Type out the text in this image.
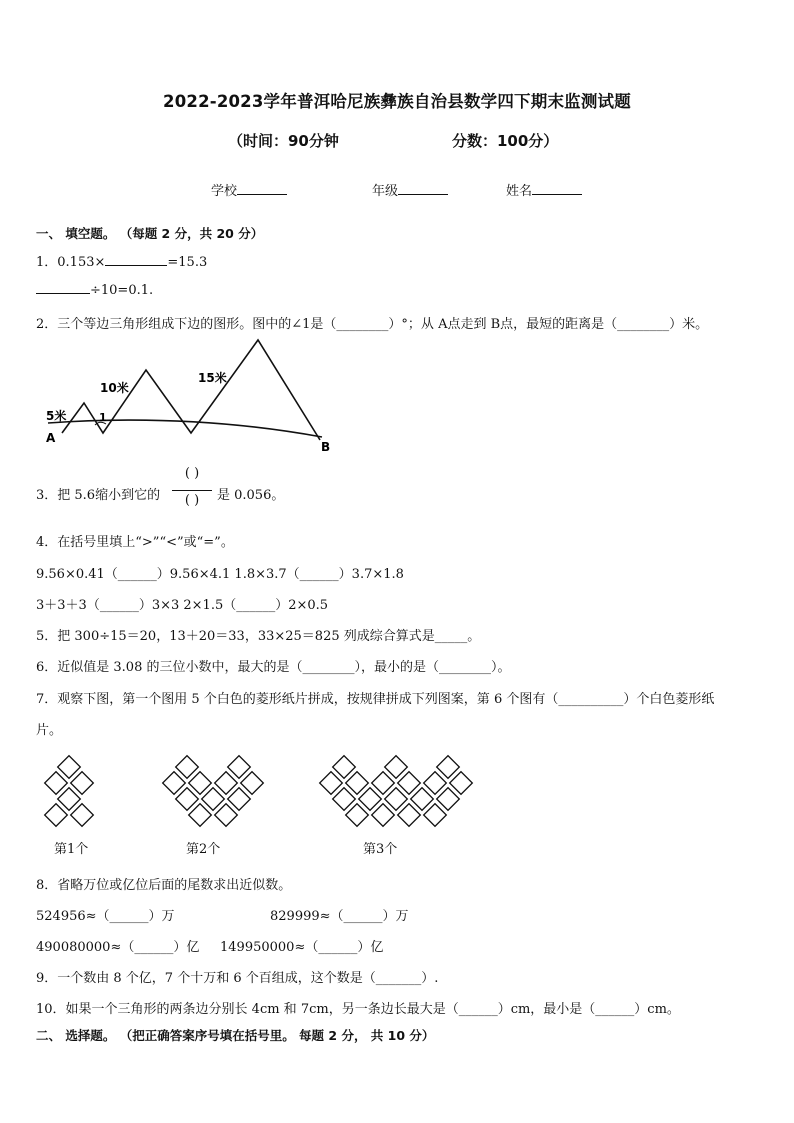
2022-2023学年普洱哈尼族彝族自治县数学四下期末监测试题
（时间：90分钟	分数：100分）
学校	年级	姓名
一、 填空题。 （每题 2 分，共 20 分）
1．0.153×	=15.3
÷10=0.1.
2．三个等边三角形组成下边的图形。图中的∠1是（________）°；从 A点走到 B点，最短的距离是（________）米。
5米
10米
15米
1
A
B
3．把 5.6缩小到它的
( )
( )	是 0.056。
4．在括号里填上“>”“<”或“=”。
9.56×0.41（______）9.56×4.1 1.8×3.7（______）3.7×1.8
3＋3＋3（______）3×3 2×1.5（______）2×0.5
5．把 300÷15＝20，13＋20＝33，33×25＝825 列成综合算式是_____。
6．近似值是 3.08 的三位小数中，最大的是（________），最小的是（________）。
7．观察下图，第一个图用 5 个白色的菱形纸片拼成，按规律拼成下列图案，第 6 个图有（__________）个白色菱形纸
片。
第1个	第2个	第3个
8．省略万位或亿位后面的尾数求出近似数。
524956≈（______）万	829999≈（______）万
490080000≈（______）亿 149950000≈（______）亿
9．一个数由 8 个亿，7 个十万和 6 个百组成，这个数是（_______）.
10．如果一个三角形的两条边分别长 4cm 和 7cm，另一条边长最大是（______）cm，最小是（______）cm。
二、 选择题。 （把正确答案序号填在括号里。 每题 2 分， 共 10 分）
